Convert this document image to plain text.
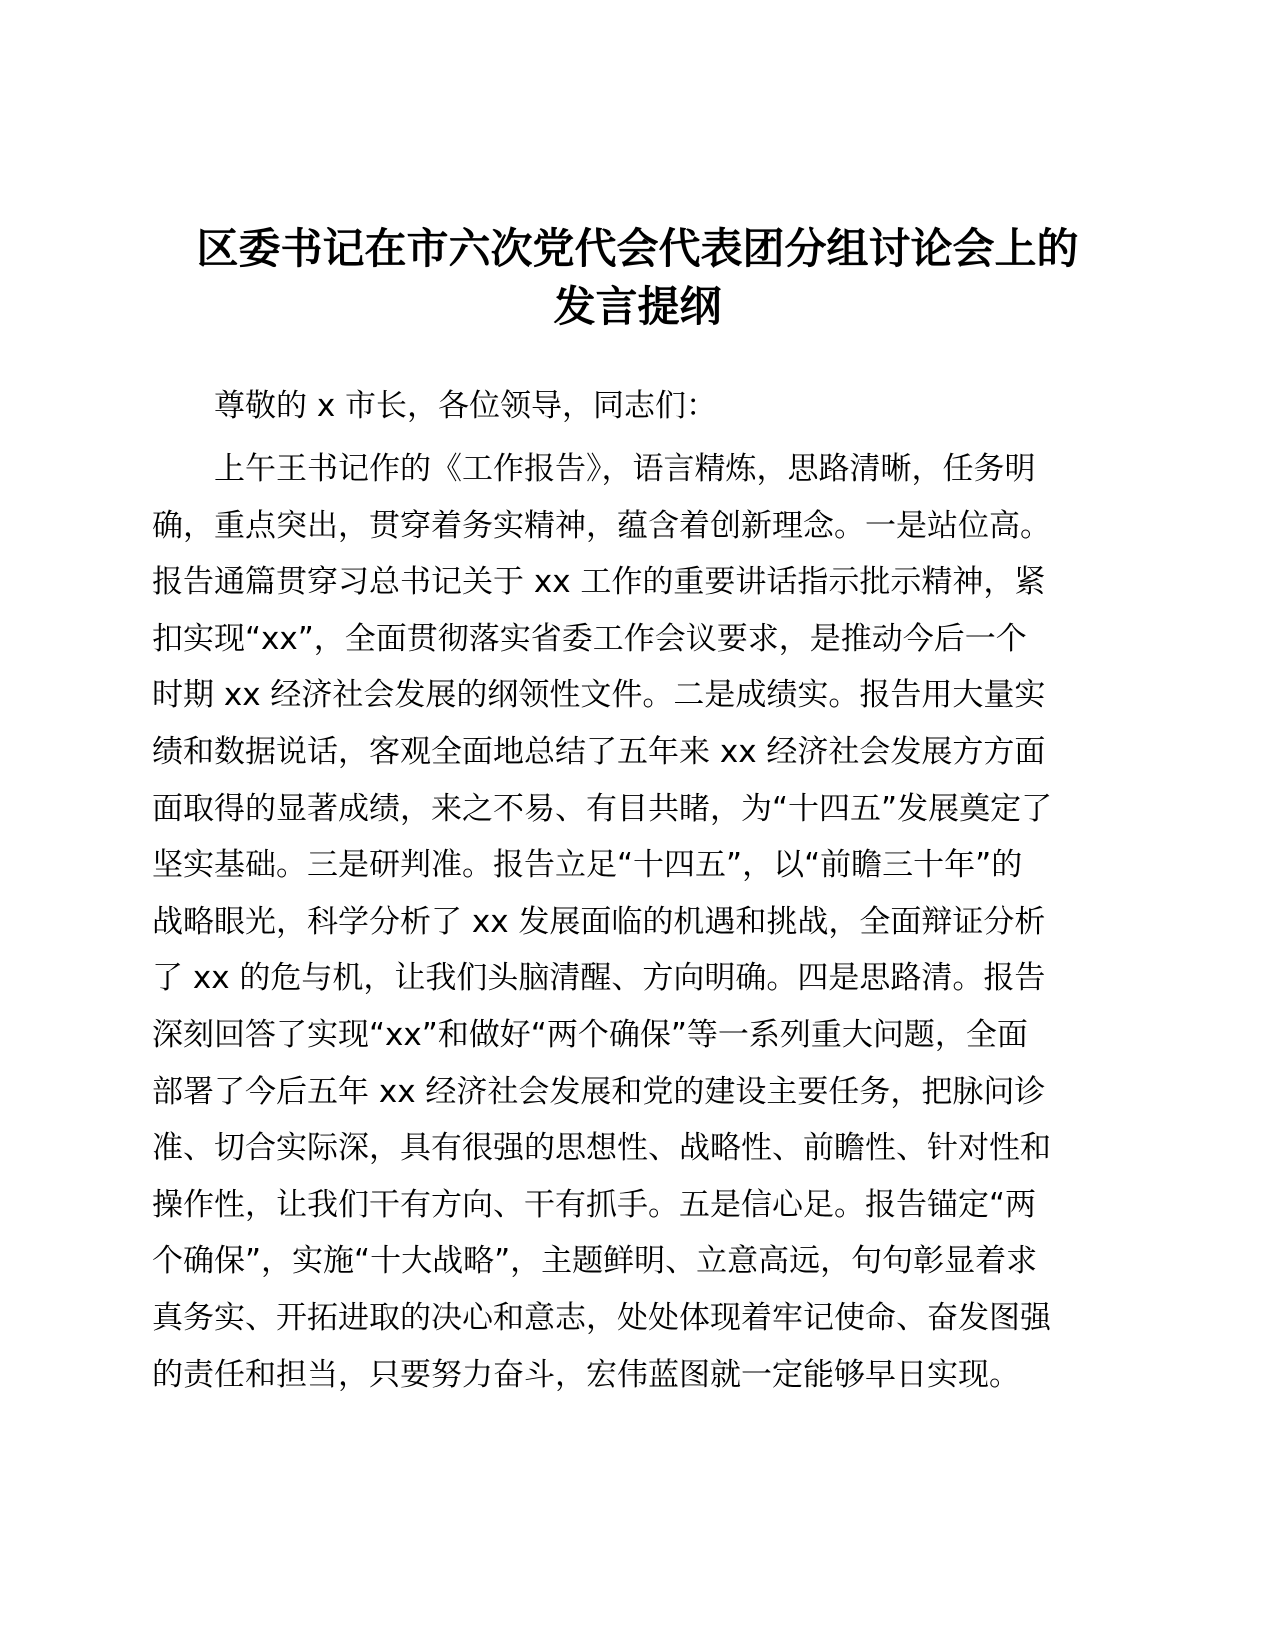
区委书记在市六次党代会代表团分组讨论会上的
发言提纲

尊敬的 x 市长，各位领导，同志们：

上午王书记作的《工作报告》，语言精炼，思路清晰，任务明
确，重点突出，贯穿着务实精神，蕴含着创新理念。一是站位高。
报告通篇贯穿习总书记关于 xx 工作的重要讲话指示批示精神，紧
扣实现“xx”，全面贯彻落实省委工作会议要求，是推动今后一个
时期 xx 经济社会发展的纲领性文件。二是成绩实。报告用大量实
绩和数据说话，客观全面地总结了五年来 xx 经济社会发展方方面
面取得的显著成绩，来之不易、有目共睹，为“十四五”发展奠定了
坚实基础。三是研判准。报告立足“十四五”，以“前瞻三十年”的
战略眼光，科学分析了 xx 发展面临的机遇和挑战，全面辩证分析
了 xx 的危与机，让我们头脑清醒、方向明确。四是思路清。报告
深刻回答了实现“xx”和做好“两个确保”等一系列重大问题，全面
部署了今后五年 xx 经济社会发展和党的建设主要任务，把脉问诊
准、切合实际深，具有很强的思想性、战略性、前瞻性、针对性和
操作性，让我们干有方向、干有抓手。五是信心足。报告锚定“两
个确保”，实施“十大战略”，主题鲜明、立意高远，句句彰显着求
真务实、开拓进取的决心和意志，处处体现着牢记使命、奋发图强
的责任和担当，只要努力奋斗，宏伟蓝图就一定能够早日实现。
